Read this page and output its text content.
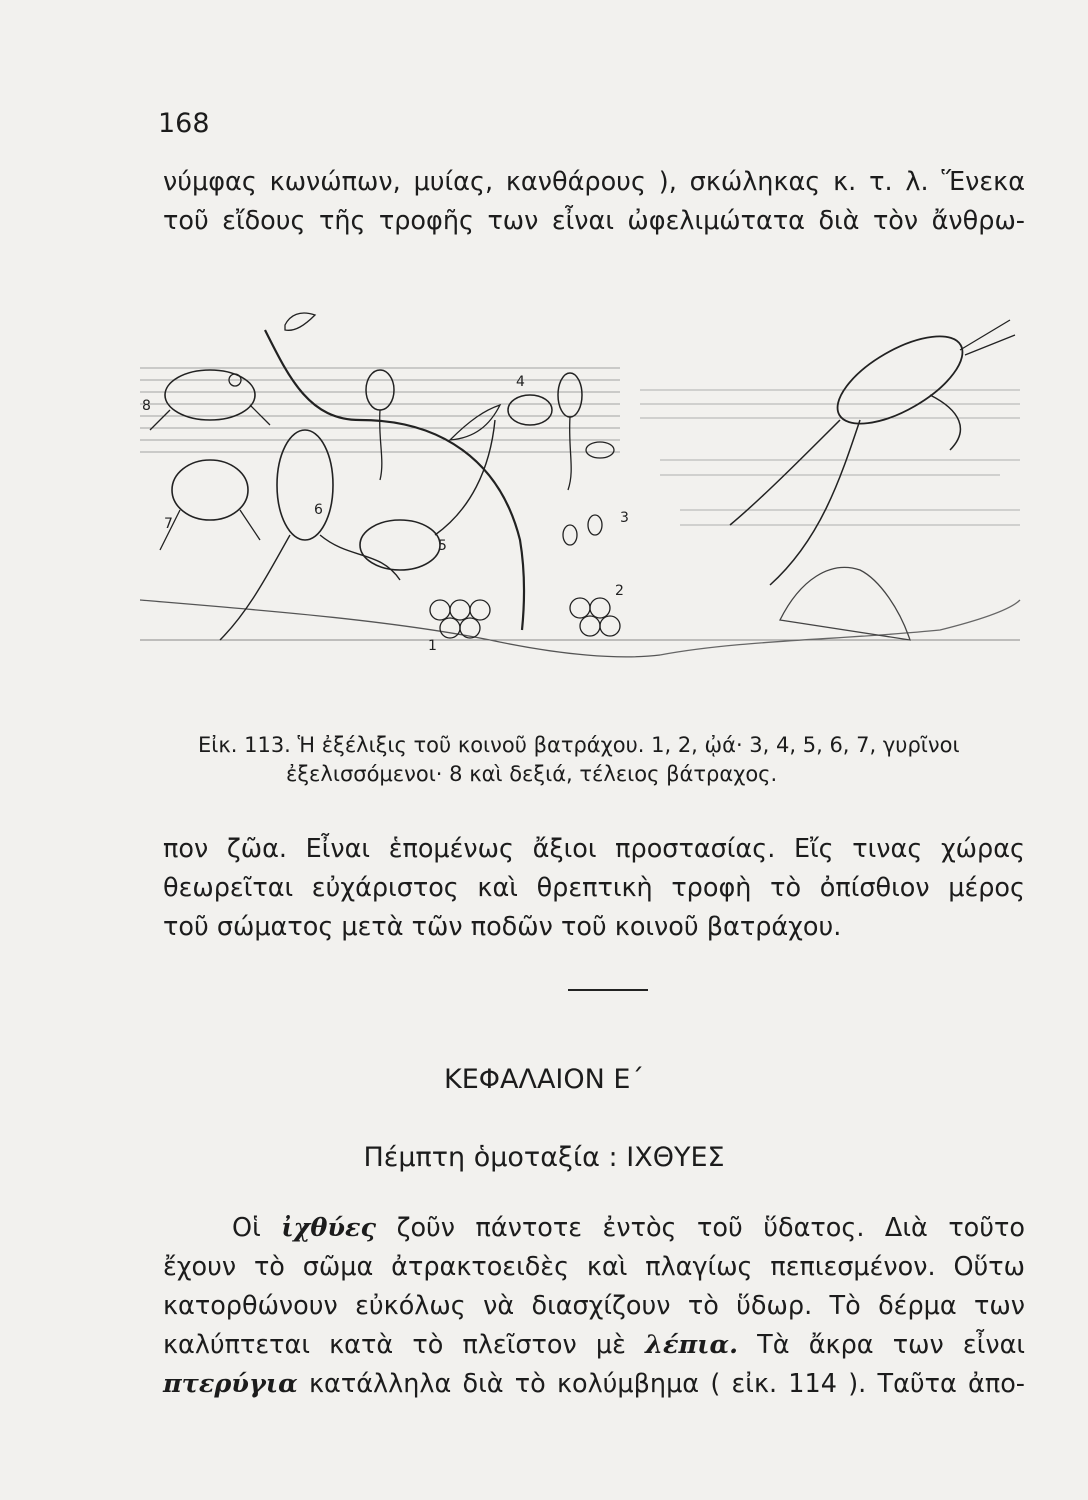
168
νύμφας κωνώπων, μυίας, κανθάρους ), σκώληκας κ. τ. λ. Ἕνεκα
τοῦ εἴδους τῆς τροφῆς των εἶναι ὠφελιμώτατα διὰ τὸν ἄνθρω-
8
4
7
6
5
3
2
1
Εἰκ. 113. Ἡ ἐξέλιξις τοῦ κοινοῦ βατράχου. 1, 2, ᾠά· 3, 4, 5, 6, 7, γυρῖνοι
ἐξελισσόμενοι· 8 καὶ δεξιά, τέλειος βάτραχος.
πον ζῶα. Εἶναι ἑπομένως ἄξιοι προστασίας. Εἴς τινας χώρας
θεωρεῖται εὐχάριστος καὶ θρεπτικὴ τροφὴ τὸ ὀπίσθιον μέρος
τοῦ σώματος μετὰ τῶν ποδῶν τοῦ κοινοῦ βατράχου.
ΚΕΦΑΛΑΙΟΝ Ε΄
Πέμπτη ὁμοταξία : ΙΧΘΥΕΣ
Οἱ ἰχθύες ζοῦν πάντοτε ἐντὸς τοῦ ὕδατος. Διὰ τοῦτο
ἔχουν τὸ σῶμα ἀτρακτοειδὲς καὶ πλαγίως πεπιεσμένον. Οὕτω
κατορθώνουν εὐκόλως νὰ διασχίζουν τὸ ὕδωρ. Τὸ δέρμα των
καλύπτεται κατὰ τὸ πλεῖστον μὲ λέπια. Τὰ ἄκρα των εἶναι
πτερύγια κατάλληλα διὰ τὸ κολύμβημα ( εἰκ. 114 ). Ταῦτα ἀπο-
